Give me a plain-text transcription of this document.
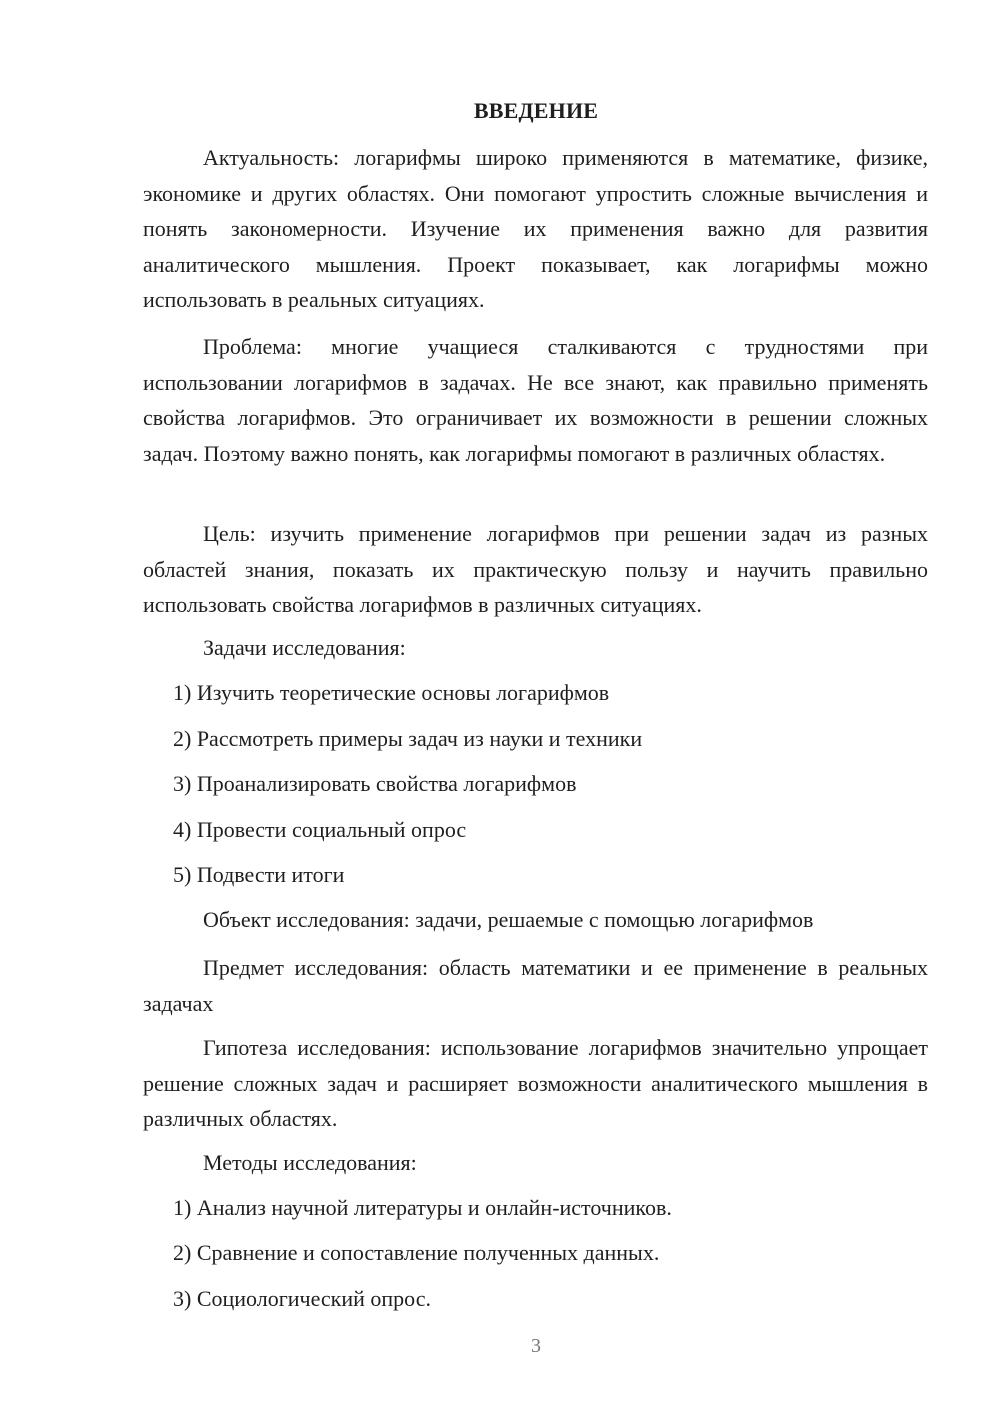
ВВЕДЕНИЕ

Актуальность: логарифмы широко применяются в математике, физике, экономике и других областях. Они помогают упростить сложные вычисления и понять закономерности. Изучение их применения важно для развития аналитического мышления. Проект показывает, как логарифмы можно использовать в реальных ситуациях.

Проблема: многие учащиеся сталкиваются с трудностями при использовании логарифмов в задачах. Не все знают, как правильно применять свойства логарифмов. Это ограничивает их возможности в решении сложных задач. Поэтому важно понять, как логарифмы помогают в различных областях.

Цель: изучить применение логарифмов при решении задач из разных областей знания, показать их практическую пользу и научить правильно использовать свойства логарифмов в различных ситуациях.

Задачи исследования:

1) Изучить теоретические основы логарифмов

2) Рассмотреть примеры задач из науки и техники

3) Проанализировать свойства логарифмов

4) Провести социальный опрос

5) Подвести итоги

Объект исследования: задачи, решаемые с помощью логарифмов

Предмет исследования: область математики и ее применение в реальных задачах

Гипотеза исследования: использование логарифмов значительно упрощает решение сложных задач и расширяет возможности аналитического мышления в различных областях.

Методы исследования:

1) Анализ научной литературы и онлайн-источников.

2) Сравнение и сопоставление полученных данных.

3) Социологический опрос.

3
